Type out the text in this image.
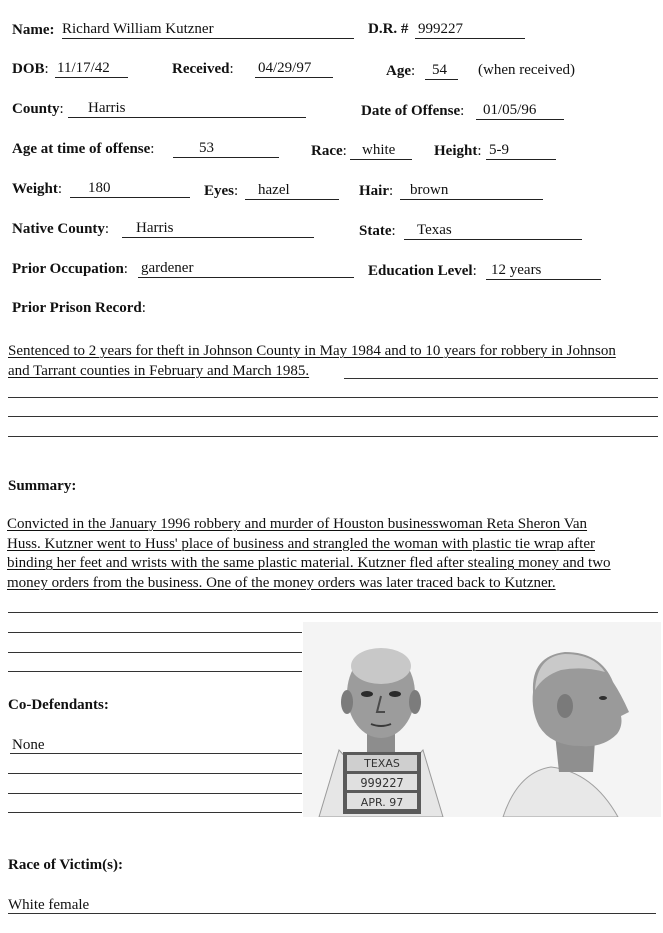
Name: Richard William Kutzner	D.R. # 999227
DOB: 11/17/42	Received: 04/29/97	Age: 54 (when received)
County: Harris	Date of Offense: 01/05/96
Age at time of offense:	53	Race: white	Height: 5-9
Weight: 180	Eyes: hazel	Hair: brown
Native County: Harris	State: Texas
Prior Occupation: gardener	Education Level: 12 years
Prior Prison Record:
Sentenced to 2 years for theft in Johnson County in May 1984 and to 10 years for robbery in Johnson
and Tarrant counties in February and March 1985.
Summary:
Convicted in the January 1996 robbery and murder of Houston businesswoman Reta Sheron Van
Huss. Kutzner went to Huss' place of business and strangled the woman with plastic tie wrap after
binding her feet and wrists with the same plastic material. Kutzner fled after stealing money and two
money orders from the business. One of the money orders was later traced back to Kutzner.
Co-Defendants:
None
TEXAS
999227
APR. 97
Race of Victim(s):
White female
